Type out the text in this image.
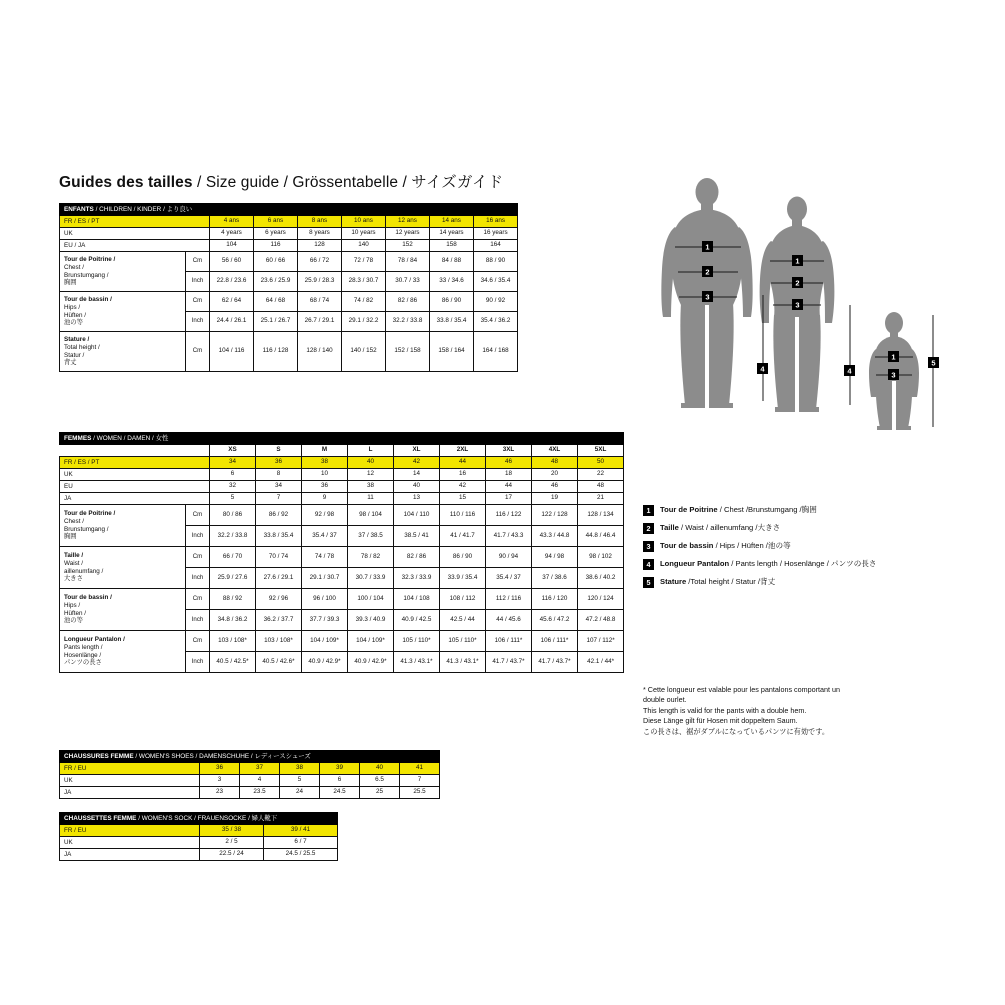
Guides des tailles / Size guide / Grössentabelle / サイズガイド
ENFANTS / CHILDREN / KINDER / より良い								
FR / ES / PT		4 ans	6 ans	8 ans	10 ans	12 ans	14 ans	16 ans
UK		4 years	6 years	8 years	10 years	12 years	14 years	16 years
EU / JA		104	116	128	140	152	158	164
Tour de Poitrine /
Chest /
Brunstumgang /
胸囲	Cm	56 / 60	60 / 66	66 / 72	72 / 78	78 / 84	84 / 88	88 / 90
	Inch	22.8 / 23.6	23.6 / 25.9	25.9 / 28.3	28.3 / 30.7	30.7 / 33	33 / 34.6	34.6 / 35.4
Tour de bassin /
Hips /
Hüften /
池の等	Cm	62 / 64	64 / 68	68 / 74	74 / 82	82 / 86	86 / 90	90 / 92
	Inch	24.4 / 26.1	25.1 / 26.7	26.7 / 29.1	29.1 / 32.2	32.2 / 33.8	33.8 / 35.4	35.4 / 36.2
Stature /
Total height /
Statur /
背丈	Cm	104 / 116	116 / 128	128 / 140	140 / 152	152 / 158	158 / 164	164 / 168
FEMMES / WOMEN / DAMEN / 女性										
		XS	S	M	L	XL	2XL	3XL	4XL	5XL
FR / ES / PT		34	36	38	40	42	44	46	48	50
UK		6	8	10	12	14	16	18	20	22
EU		32	34	36	38	40	42	44	46	48
JA		5	7	9	11	13	15	17	19	21
Tour de Poitrine /
Chest /
Brunstumgang /
胸囲	Cm	80 / 86	86 / 92	92 / 98	98 / 104	104 / 110	110 / 116	116 / 122	122 / 128	128 / 134
	Inch	32.2 / 33.8	33.8 / 35.4	35.4 / 37	37 / 38.5	38.5 / 41	41 / 41.7	41.7 / 43.3	43.3 / 44.8	44.8 / 46.4
Taille /
Waist /
aillenumfang /
大きさ	Cm	66 / 70	70 / 74	74 / 78	78 / 82	82 / 86	86 / 90	90 / 94	94 / 98	98 / 102
	Inch	25.9 / 27.6	27.6 / 29.1	29.1 / 30.7	30.7 / 33.9	32.3 / 33.9	33.9 / 35.4	35.4 / 37	37 / 38.6	38.6 / 40.2
Tour de bassin /
Hips /
Hüften /
池の等	Cm	88 / 92	92 / 96	96 / 100	100 / 104	104 / 108	108 / 112	112 / 116	116 / 120	120 / 124
	Inch	34.8 / 36.2	36.2 / 37.7	37.7 / 39.3	39.3 / 40.9	40.9 / 42.5	42.5 / 44	44 / 45.6	45.6 / 47.2	47.2 / 48.8
Longueur Pantalon /
Pants length /
Hosenlänge /
パンツの長さ	Cm	103 / 108*	103 / 108*	104 / 109*	104 / 109*	105 / 110*	105 / 110*	106 / 111*	106 / 111*	107 / 112*
	Inch	40.5 / 42.5*	40.5 / 42.6*	40.9 / 42.9*	40.9 / 42.9*	41.3 / 43.1*	41.3 / 43.1*	41.7 / 43.7*	41.7 / 43.7*	42.1 / 44*
CHAUSSURES FEMME / WOMEN'S SHOES / DAMENSCHUHE / レディースシューズ						
FR / EU	36	37	38	39	40	41
UK	3	4	5	6	6.5	7
JA	23	23.5	24	24.5	25	25.5
CHAUSSETTES FEMME / WOMEN'S SOCK / FRAUENSOCKE / 婦人靴下		
FR / EU	35 / 38	39 / 41
UK	2 / 5	6 / 7
JA	22.5 / 24	24.5 / 25.5
1
2
3
4
1
2
3
4
1
3
5
1	Tour de Poitrine / Chest /Brunstumgang /胸囲
2	Taille / Waist / aillenumfang /大きさ
3	Tour de bassin / Hips / Hüften /池の等
4	Longueur Pantalon / Pants length / Hosenlänge / パンツの長さ
5	Stature /Total height / Statur /背丈
* Cette longueur est valable pour les pantalons comportant un
double ourlet.
This length is valid for the pants with a double hem.
Diese Länge gilt für Hosen mit doppeltem Saum.
この長さは、裾がダブルになっているパンツに有効です。
